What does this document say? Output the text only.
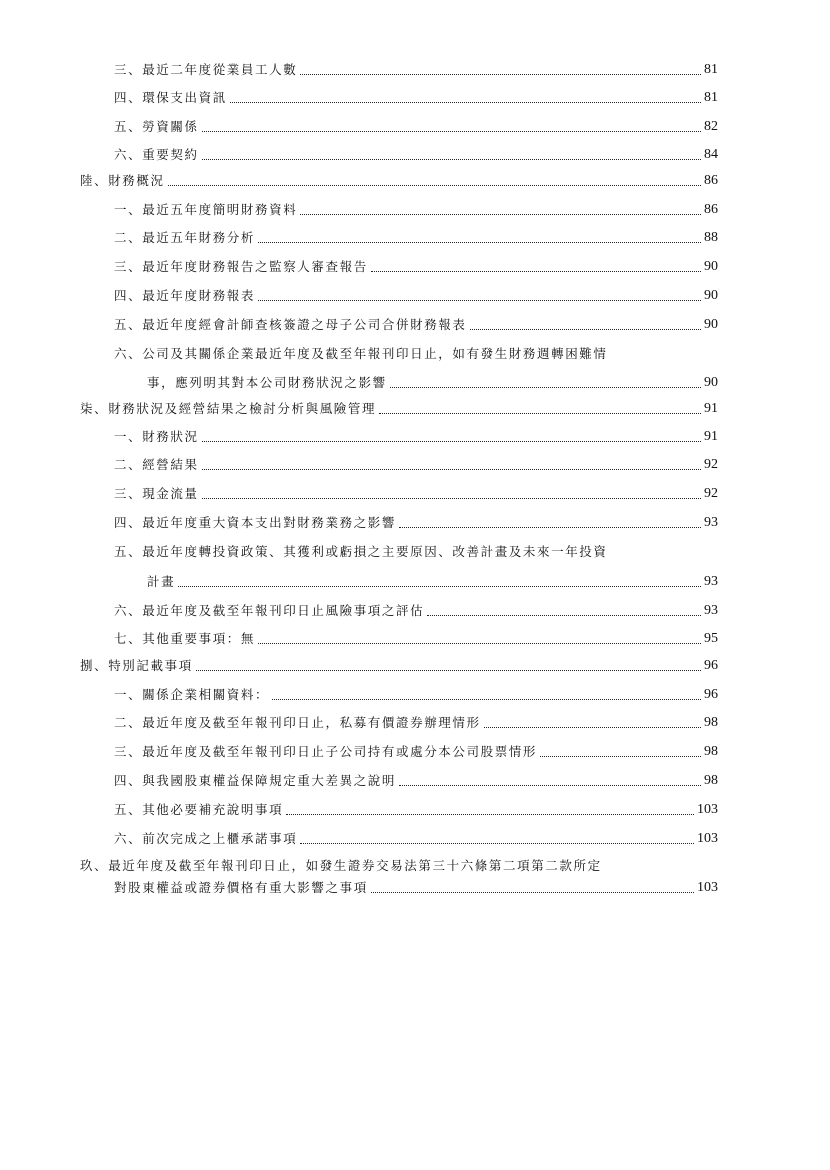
三、最近二年度從業員工人數	81
四、環保支出資訊	81
五、勞資關係	82
六、重要契約	84
陸、財務概況	86
一、最近五年度簡明財務資料	86
二、最近五年財務分析	88
三、最近年度財務報告之監察人審查報告	90
四、最近年度財務報表	90
五、最近年度經會計師查核簽證之母子公司合併財務報表	90
六、公司及其關係企業最近年度及截至年報刊印日止，如有發生財務週轉困難情
事，應列明其對本公司財務狀況之影響	90
柒、財務狀況及經營結果之檢討分析與風險管理	91
一、財務狀況	91
二、經營結果	92
三、現金流量	92
四、最近年度重大資本支出對財務業務之影響	93
五、最近年度轉投資政策、其獲利或虧損之主要原因、改善計畫及未來一年投資
計畫	93
六、最近年度及截至年報刊印日止風險事項之評估	93
七、其他重要事項：無	95
捌、特別記載事項	96
一、關係企業相關資料：	96
二、最近年度及截至年報刊印日止，私募有價證券辦理情形	98
三、最近年度及截至年報刊印日止子公司持有或處分本公司股票情形	98
四、與我國股東權益保障規定重大差異之說明	98
五、其他必要補充說明事項	103
六、前次完成之上櫃承諾事項	103
玖、最近年度及截至年報刊印日止，如發生證券交易法第三十六條第二項第二款所定
對股東權益或證券價格有重大影響之事項	103
